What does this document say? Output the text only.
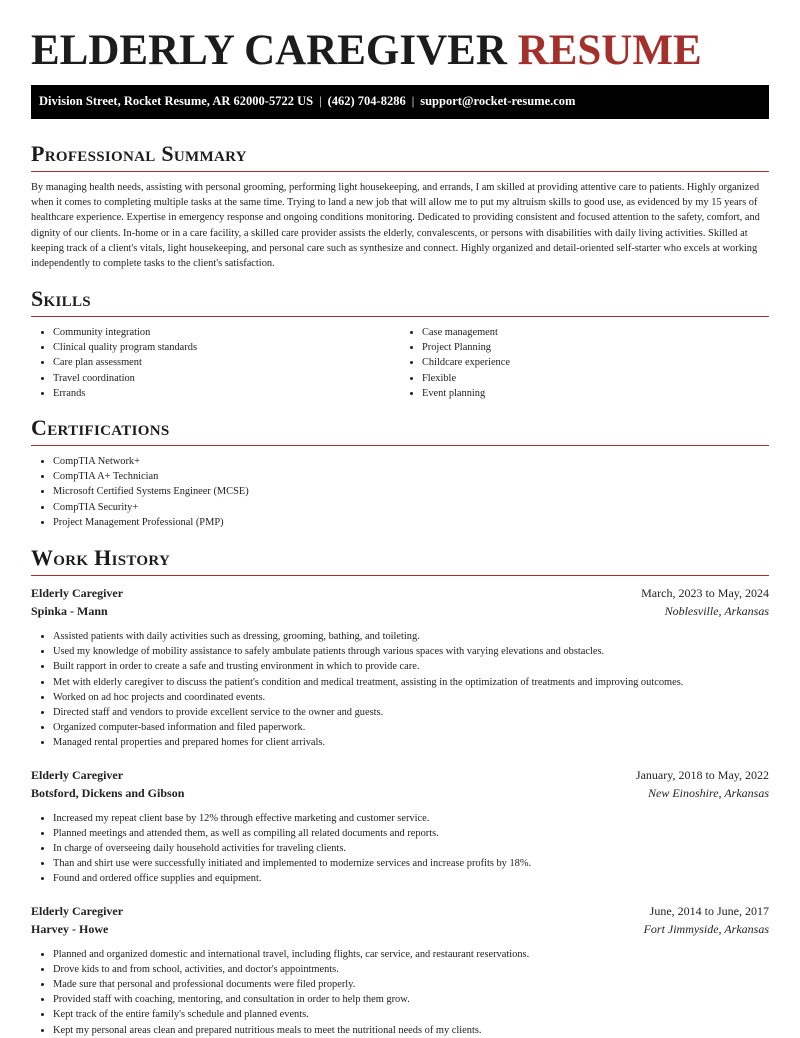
ELDERLY CAREGIVER RESUME
Division Street, Rocket Resume, AR 62000-5722 US | (462) 704-8286 | support@rocket-resume.com
Professional Summary

By managing health needs, assisting with personal grooming, performing light housekeeping, and errands, I am skilled at providing attentive care to patients. Highly organized when it comes to completing multiple tasks at the same time. Trying to land a new job that will allow me to put my altruism skills to good use, as evidenced by my 15 years of healthcare experience. Expertise in emergency response and ongoing conditions monitoring. Dedicated to providing consistent and focused attention to the safety, comfort, and dignity of our clients. In-home or in a care facility, a skilled care provider assists the elderly, convalescents, or persons with disabilities with daily living activities. Skilled at keeping track of a client's vitals, light housekeeping, and personal care such as synthesize and connect. Highly organized and detail-oriented self-starter who excels at working independently to complete tasks to the client's satisfaction.

Skills
• Community integration
• Clinical quality program standards
• Care plan assessment
• Travel coordination
• Errands
• Case management
• Project Planning
• Childcare experience
• Flexible
• Event planning
Certifications
• CompTIA Network+
• CompTIA A+ Technician
• Microsoft Certified Systems Engineer (MCSE)
• CompTIA Security+
• Project Management Professional (PMP)
Work History
Elderly Caregiver	March, 2023 to May, 2024
Spinka - Mann	Noblesville, Arkansas
• Assisted patients with daily activities such as dressing, grooming, bathing, and toileting.
• Used my knowledge of mobility assistance to safely ambulate patients through various spaces with varying elevations and obstacles.
• Built rapport in order to create a safe and trusting environment in which to provide care.
• Met with elderly caregiver to discuss the patient's condition and medical treatment, assisting in the optimization of treatments and improving outcomes.
• Worked on ad hoc projects and coordinated events.
• Directed staff and vendors to provide excellent service to the owner and guests.
• Organized computer-based information and filed paperwork.
• Managed rental properties and prepared homes for client arrivals.
Elderly Caregiver	January, 2018 to May, 2022
Botsford, Dickens and Gibson	New Einoshire, Arkansas
• Increased my repeat client base by 12% through effective marketing and customer service.
• Planned meetings and attended them, as well as compiling all related documents and reports.
• In charge of overseeing daily household activities for traveling clients.
• Than and shirt use were successfully initiated and implemented to modernize services and increase profits by 18%.
• Found and ordered office supplies and equipment.
Elderly Caregiver	June, 2014 to June, 2017
Harvey - Howe	Fort Jimmyside, Arkansas
• Planned and organized domestic and international travel, including flights, car service, and restaurant reservations.
• Drove kids to and from school, activities, and doctor's appointments.
• Made sure that personal and professional documents were filed properly.
• Provided staff with coaching, mentoring, and consultation in order to help them grow.
• Kept track of the entire family's schedule and planned events.
• Kept my personal areas clean and prepared nutritious meals to meet the nutritional needs of my clients.
